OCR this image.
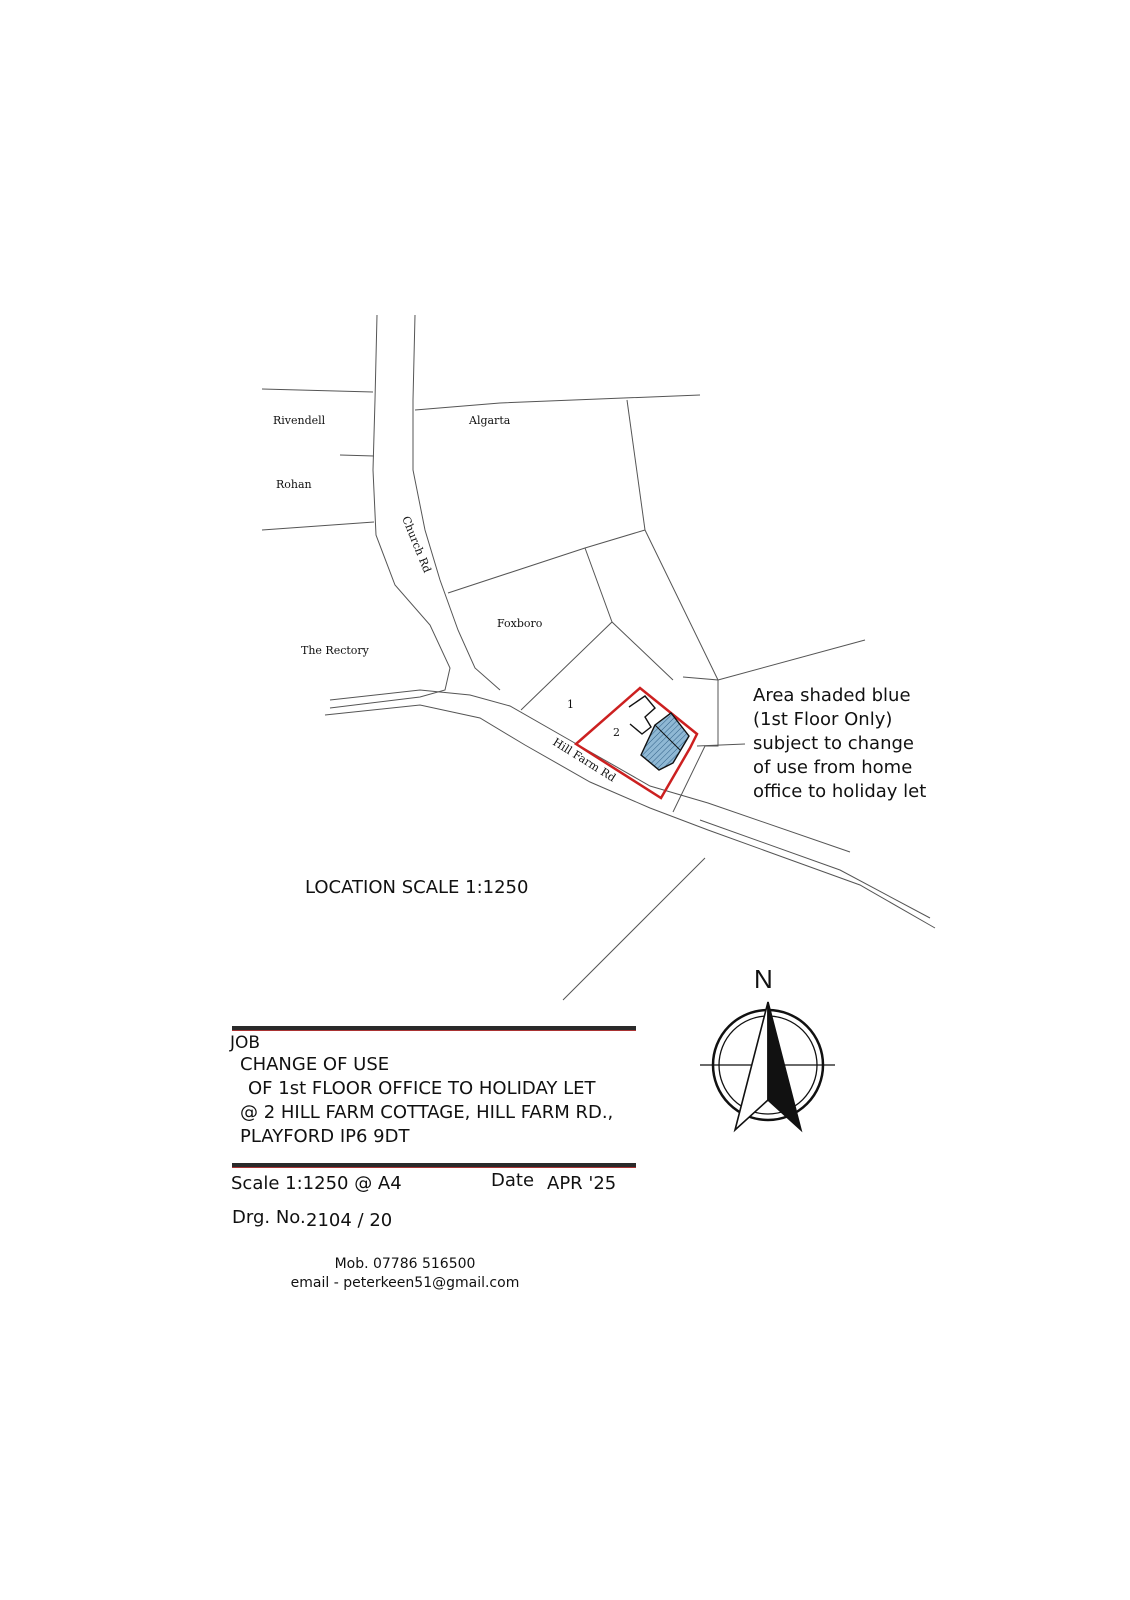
Rivendell	Algarta
Rohan
Foxboro
The Rectory
1
2
Church Rd
Hill Farm Rd
N
Area shaded blue
(1st Floor Only)
subject to change
of use from home
office to holiday let
LOCATION SCALE 1:1250
JOB
CHANGE OF USE
OF 1st FLOOR OFFICE TO HOLIDAY LET
@ 2 HILL FARM COTTAGE, HILL FARM RD.,
PLAYFORD IP6 9DT
Scale 1:1250 @ A4	Date APR '25
Drg. No. 2104 / 20
Mob. 07786 516500
email - peterkeen51@gmail.com
